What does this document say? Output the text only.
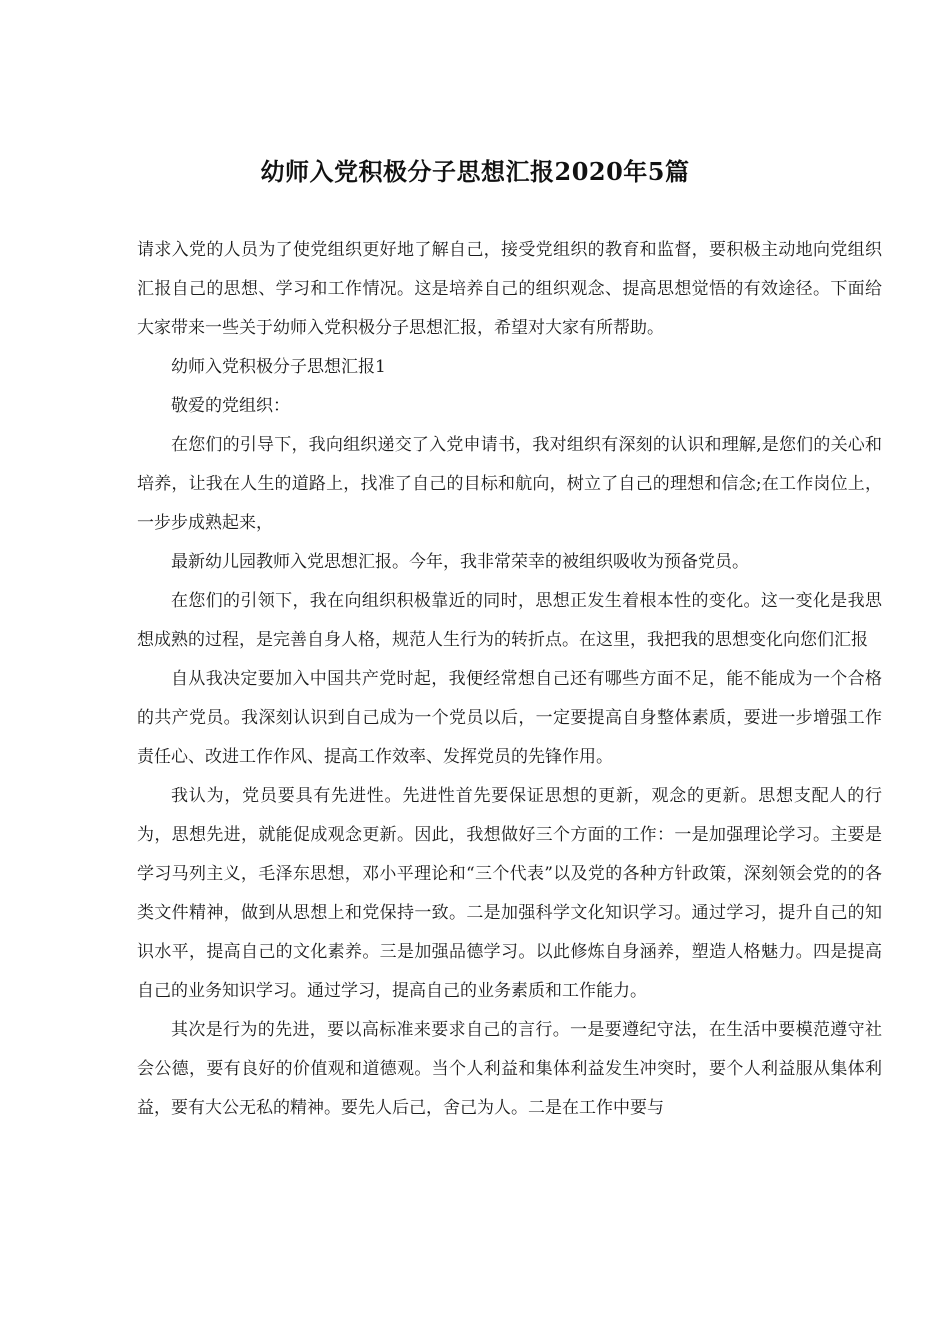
幼师入党积极分子思想汇报2020年5篇

请求入党的人员为了使党组织更好地了解自己，接受党组织的教育和监督，要积极主动地向党组织汇报自己的思想、学习和工作情况。这是培养自己的组织观念、提高思想觉悟的有效途径。下面给大家带来一些关于幼师入党积极分子思想汇报，希望对大家有所帮助。

幼师入党积极分子思想汇报1

敬爱的党组织：

在您们的引导下，我向组织递交了入党申请书，我对组织有深刻的认识和理解,是您们的关心和培养，让我在人生的道路上，找准了自己的目标和航向，树立了自己的理想和信念;在工作岗位上，一步步成熟起来，

最新幼儿园教师入党思想汇报。今年，我非常荣幸的被组织吸收为预备党员。

在您们的引领下，我在向组织积极靠近的同时，思想正发生着根本性的变化。这一变化是我思想成熟的过程，是完善自身人格，规范人生行为的转折点。在这里，我把我的思想变化向您们汇报

自从我决定要加入中国共产党时起，我便经常想自己还有哪些方面不足，能不能成为一个合格的共产党员。我深刻认识到自己成为一个党员以后，一定要提高自身整体素质，要进一步增强工作责任心、改进工作作风、提高工作效率、发挥党员的先锋作用。

我认为，党员要具有先进性。先进性首先要保证思想的更新，观念的更新。思想支配人的行为，思想先进，就能促成观念更新。因此，我想做好三个方面的工作：一是加强理论学习。主要是学习马列主义，毛泽东思想，邓小平理论和“三个代表”以及党的各种方针政策，深刻领会党的的各类文件精神，做到从思想上和党保持一致。二是加强科学文化知识学习。通过学习，提升自己的知识水平，提高自己的文化素养。三是加强品德学习。以此修炼自身涵养，塑造人格魅力。四是提高自己的业务知识学习。通过学习，提高自己的业务素质和工作能力。

其次是行为的先进，要以高标准来要求自己的言行。一是要遵纪守法，在生活中要模范遵守社会公德，要有良好的价值观和道德观。当个人利益和集体利益发生冲突时，要个人利益服从集体利益，要有大公无私的精神。要先人后己，舍己为人。二是在工作中要与
